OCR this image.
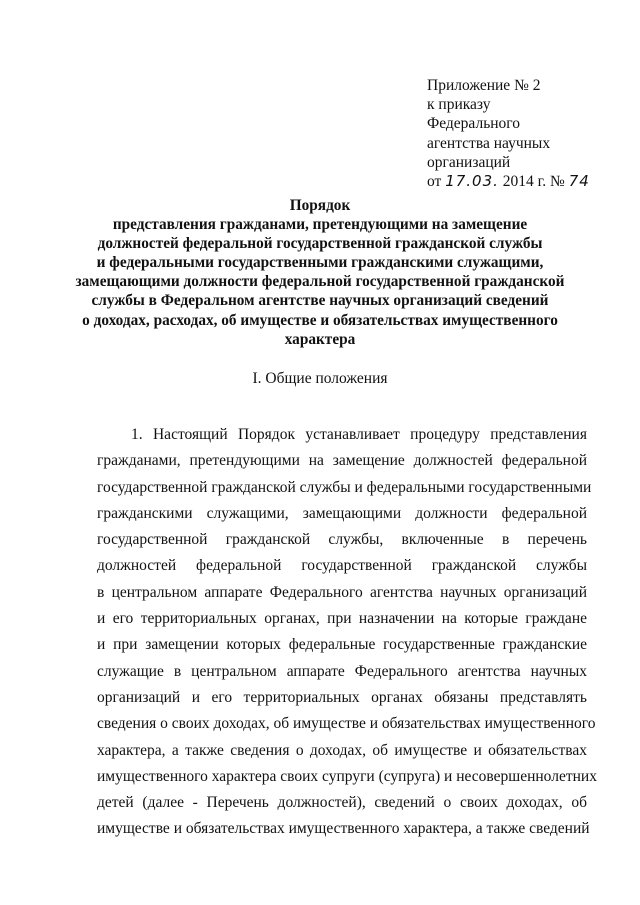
Приложение № 2
к приказу
Федерального
агентства научных
организаций
от 17.03. 2014 г. № 74
Порядок
представления гражданами, претендующими на замещение
должностей федеральной государственной гражданской службы
и федеральными государственными гражданскими служащими,
замещающими должности федеральной государственной гражданской
службы в Федеральном агентстве научных организаций сведений
о доходах, расходах, об имуществе и обязательствах имущественного
характера
I. Общие положения
1. Настоящий Порядок устанавливает процедуру представления
гражданами, претендующими на замещение должностей федеральной
государственной гражданской службы и федеральными государственными
гражданскими служащими, замещающими должности федеральной
государственной гражданской службы, включенные в перечень
должностей федеральной государственной гражданской службы
в центральном аппарате Федерального агентства научных организаций
и его территориальных органах, при назначении на которые граждане
и при замещении которых федеральные государственные гражданские
служащие в центральном аппарате Федерального агентства научных
организаций и его территориальных органах обязаны представлять
сведения о своих доходах, об имуществе и обязательствах имущественного
характера, а также сведения о доходах, об имуществе и обязательствах
имущественного характера своих супруги (супруга) и несовершеннолетних
детей (далее - Перечень должностей), сведений о своих доходах, об
имуществе и обязательствах имущественного характера, а также сведений
